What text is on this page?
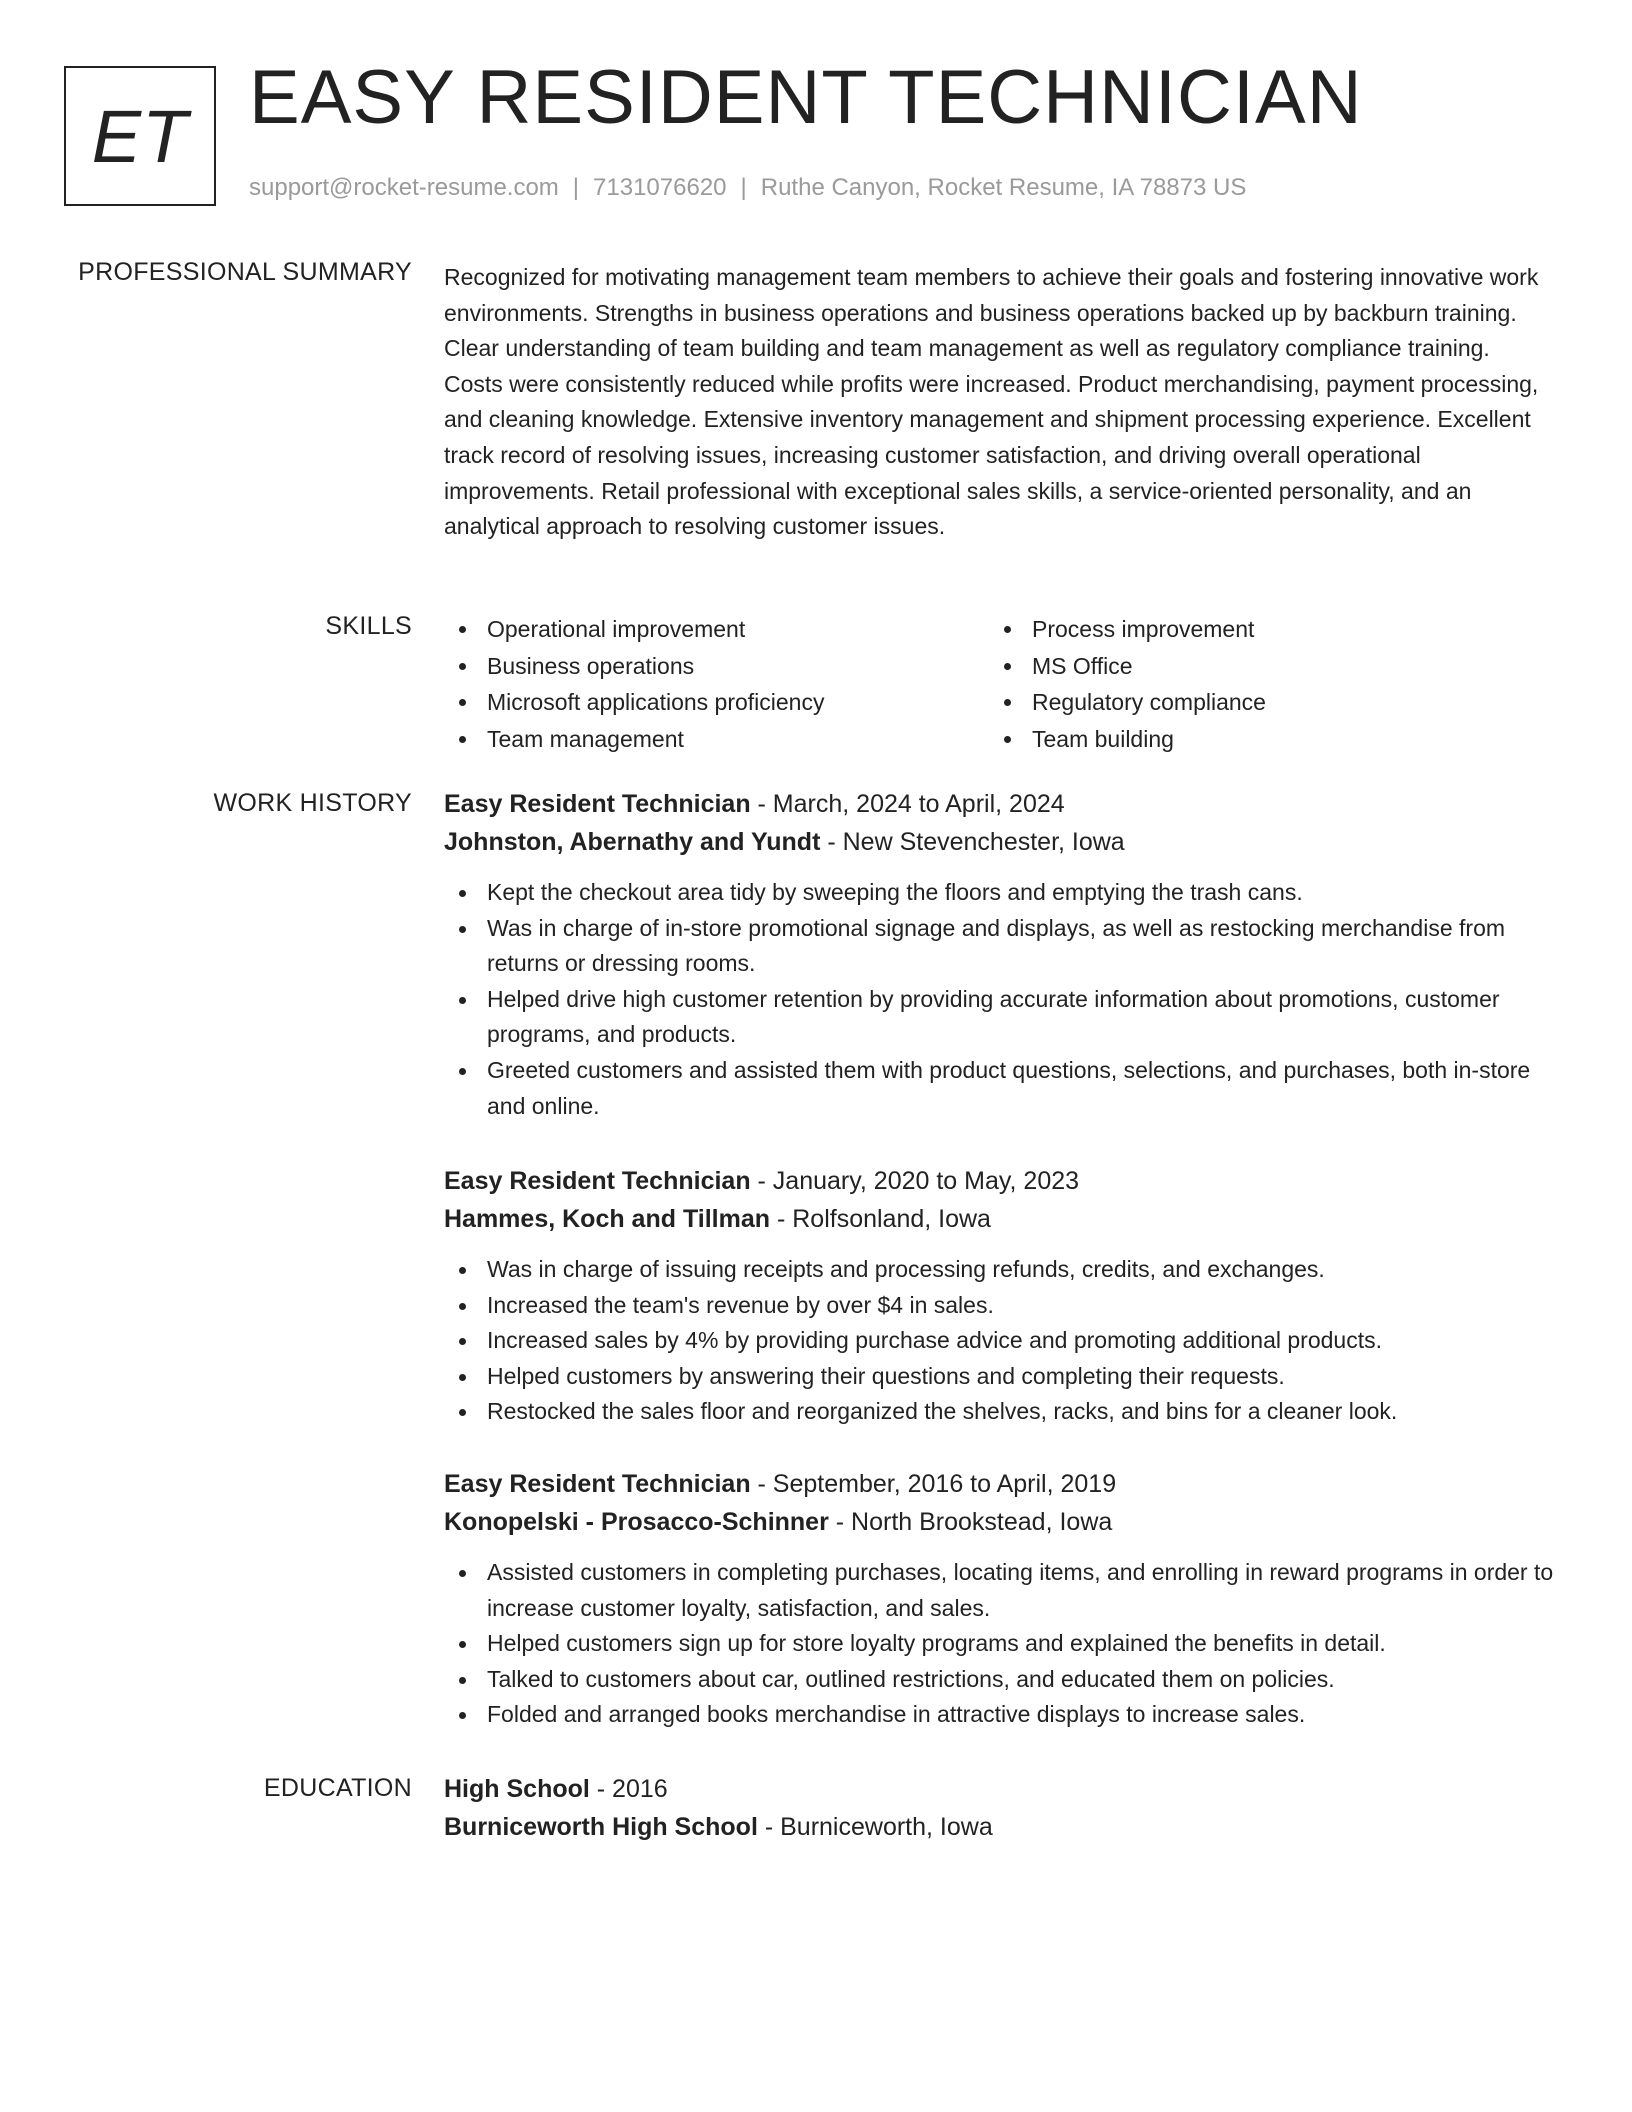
ET EASY RESIDENT TECHNICIAN
support@rocket-resume.com | 7131076620 | Ruthe Canyon, Rocket Resume, IA 78873 US
PROFESSIONAL SUMMARY Recognized for motivating management team members to achieve their goals and fostering innovative work environments. Strengths in business operations and business operations backed up by backburn training. Clear understanding of team building and team management as well as regulatory compliance training. Costs were consistently reduced while profits were increased. Product merchandising, payment processing, and cleaning knowledge. Extensive inventory management and shipment processing experience. Excellent track record of resolving issues, increasing customer satisfaction, and driving overall operational improvements. Retail professional with exceptional sales skills, a service-oriented personality, and an analytical approach to resolving customer issues.

SKILLS	Operational improvement	Process improvement
Business operations	MS Office
Microsoft applications proficiency	Regulatory compliance
Team management	Team building
WORK HISTORY Easy Resident Technician - March, 2024 to April, 2024
Johnston, Abernathy and Yundt - New Stevenchester, Iowa
Kept the checkout area tidy by sweeping the floors and emptying the trash cans.
Was in charge of in-store promotional signage and displays, as well as restocking merchandise from returns or dressing rooms.
Helped drive high customer retention by providing accurate information about promotions, customer programs, and products.
Greeted customers and assisted them with product questions, selections, and purchases, both in-store and online.
Easy Resident Technician - January, 2020 to May, 2023
Hammes, Koch and Tillman - Rolfsonland, Iowa
Was in charge of issuing receipts and processing refunds, credits, and exchanges.
Increased the team's revenue by over $4 in sales.
Increased sales by 4% by providing purchase advice and promoting additional products.
Helped customers by answering their questions and completing their requests.
Restocked the sales floor and reorganized the shelves, racks, and bins for a cleaner look.
Easy Resident Technician - September, 2016 to April, 2019
Konopelski - Prosacco-Schinner - North Brookstead, Iowa
Assisted customers in completing purchases, locating items, and enrolling in reward programs in order to increase customer loyalty, satisfaction, and sales.
Helped customers sign up for store loyalty programs and explained the benefits in detail.
Talked to customers about car, outlined restrictions, and educated them on policies.
Folded and arranged books merchandise in attractive displays to increase sales.
EDUCATION High School - 2016
Burniceworth High School - Burniceworth, Iowa
